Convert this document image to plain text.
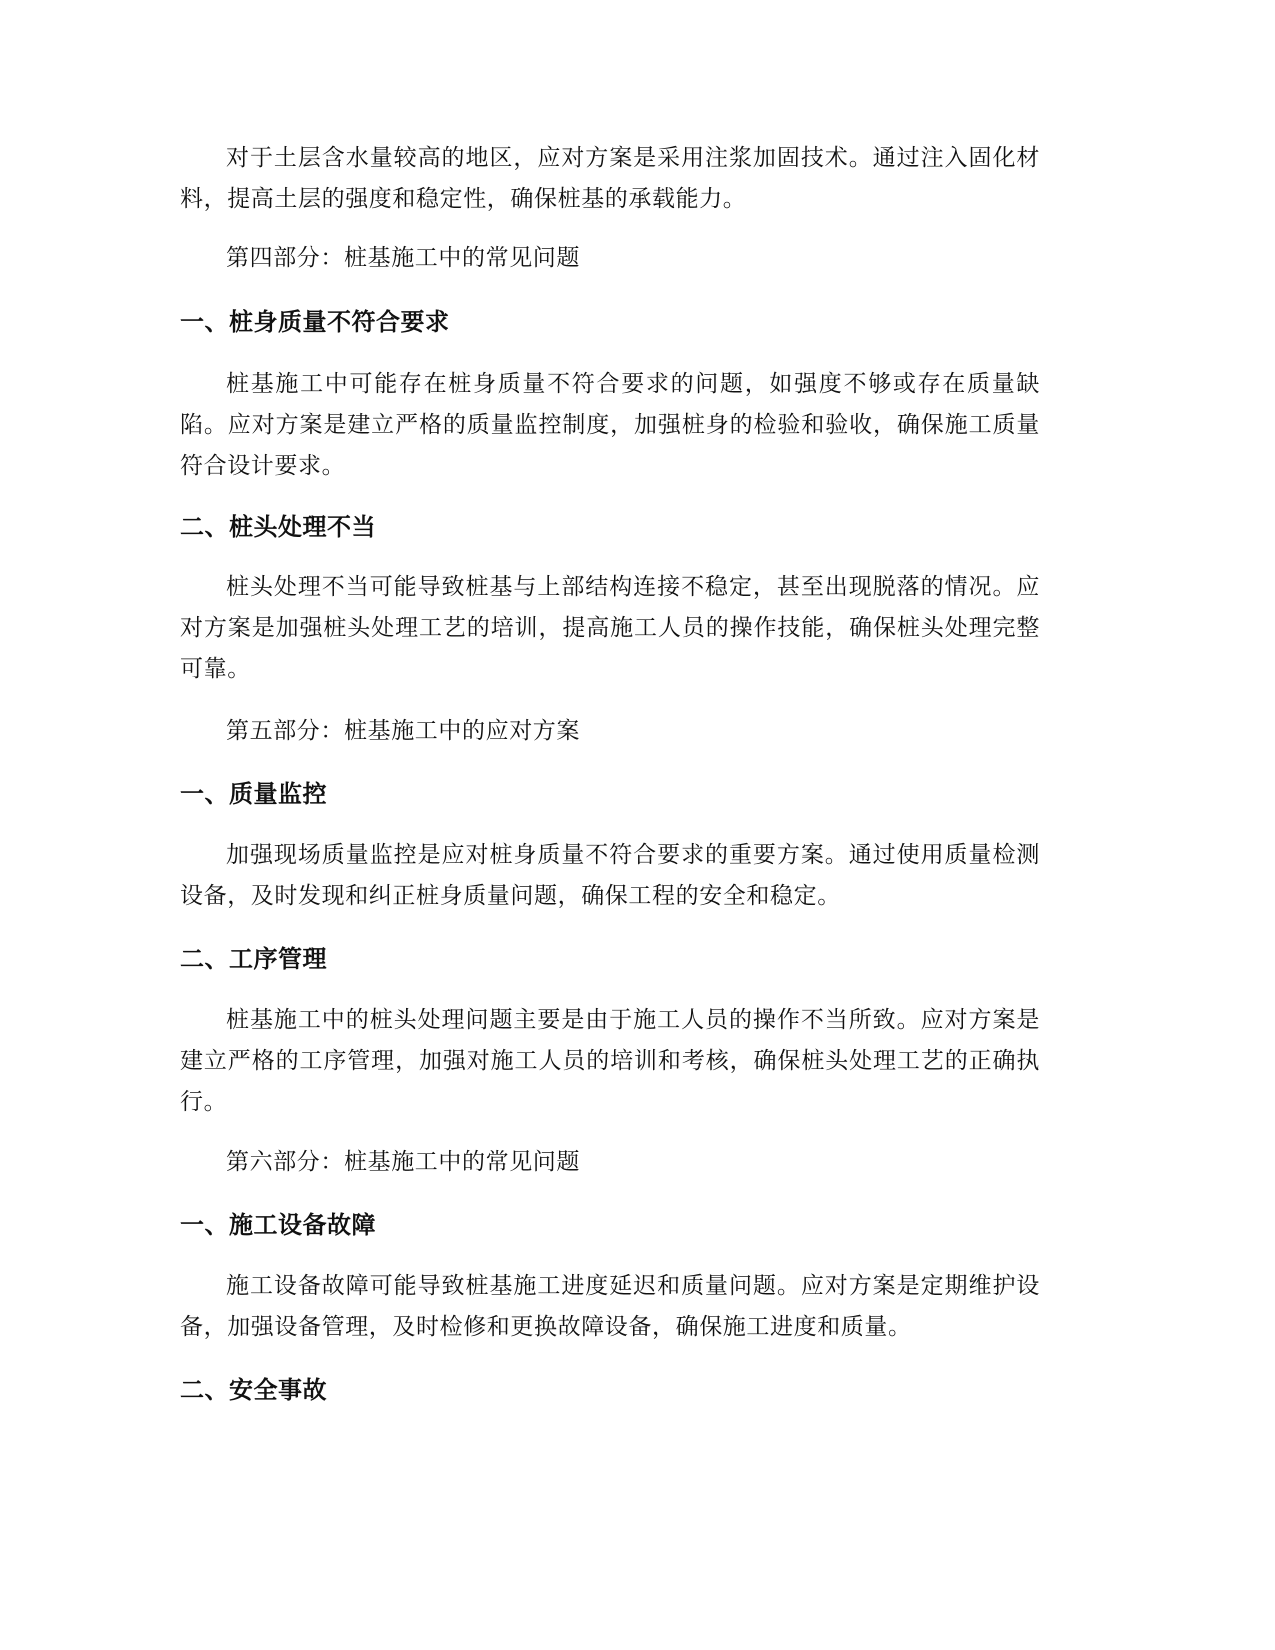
对于土层含水量较高的地区，应对方案是采用注浆加固技术。通过注入固化材料，提高土层的强度和稳定性，确保桩基的承载能力。

第四部分：桩基施工中的常见问题

一、桩身质量不符合要求

桩基施工中可能存在桩身质量不符合要求的问题，如强度不够或存在质量缺陷。应对方案是建立严格的质量监控制度，加强桩身的检验和验收，确保施工质量符合设计要求。

二、桩头处理不当

桩头处理不当可能导致桩基与上部结构连接不稳定，甚至出现脱落的情况。应对方案是加强桩头处理工艺的培训，提高施工人员的操作技能，确保桩头处理完整可靠。

第五部分：桩基施工中的应对方案

一、质量监控

加强现场质量监控是应对桩身质量不符合要求的重要方案。通过使用质量检测设备，及时发现和纠正桩身质量问题，确保工程的安全和稳定。

二、工序管理

桩基施工中的桩头处理问题主要是由于施工人员的操作不当所致。应对方案是建立严格的工序管理，加强对施工人员的培训和考核，确保桩头处理工艺的正确执行。

第六部分：桩基施工中的常见问题

一、施工设备故障

施工设备故障可能导致桩基施工进度延迟和质量问题。应对方案是定期维护设备，加强设备管理，及时检修和更换故障设备，确保施工进度和质量。

二、安全事故
